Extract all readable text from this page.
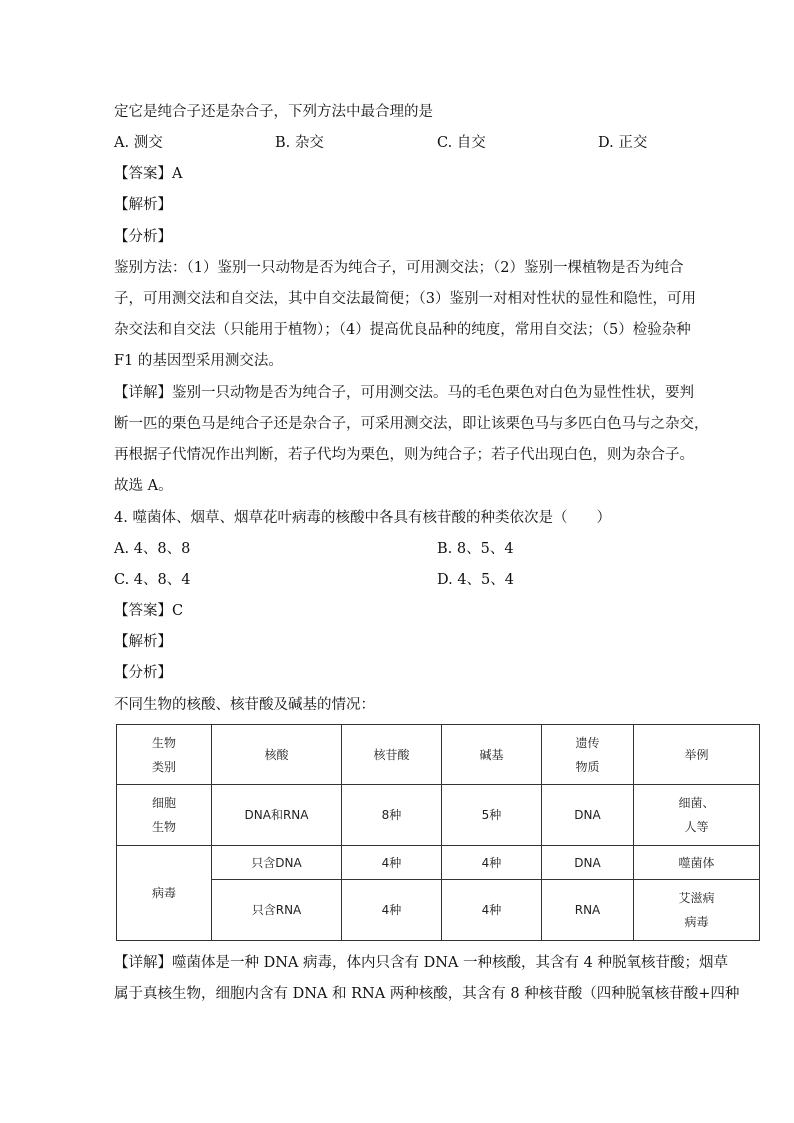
定它是纯合子还是杂合子，下列方法中最合理的是
A. 测交	B. 杂交	C. 自交	D. 正交
【答案】A
【解析】
【分析】
鉴别方法：（1）鉴别一只动物是否为纯合子，可用测交法；（2）鉴别一棵植物是否为纯合
子，可用测交法和自交法，其中自交法最简便；（3）鉴别一对相对性状的显性和隐性，可用
杂交法和自交法（只能用于植物）；（4）提高优良品种的纯度，常用自交法；（5）检验杂种
F1 的基因型采用测交法。
【详解】鉴别一只动物是否为纯合子，可用测交法。马的毛色栗色对白色为显性性状，要判
断一匹的栗色马是纯合子还是杂合子，可采用测交法，即让该栗色马与多匹白色马与之杂交，
再根据子代情况作出判断，若子代均为栗色，则为纯合子；若子代出现白色，则为杂合子。
故选 A。
4. 噬菌体、烟草、烟草花叶病毒的核酸中各具有核苷酸的种类依次是（　　）
A. 4、8、8	B. 8、5、4
C. 4、8、4	D. 4、5、4
【答案】C
【解析】
【分析】
不同生物的核酸、核苷酸及碱基的情况：
生物
类别	核酸	核苷酸	碱基	遗传
物质	举例

细胞
生物	DNA和RNA	8种	5种	DNA	细菌、
人等

病毒	只含DNA	4种	4种	DNA	噬菌体

	只含RNA	4种	4种	RNA	艾滋病
病毒
【详解】噬菌体是一种 DNA 病毒，体内只含有 DNA 一种核酸，其含有 4 种脱氧核苷酸；烟草
属于真核生物，细胞内含有 DNA 和 RNA 两种核酸，其含有 8 种核苷酸（四种脱氧核苷酸+四种
